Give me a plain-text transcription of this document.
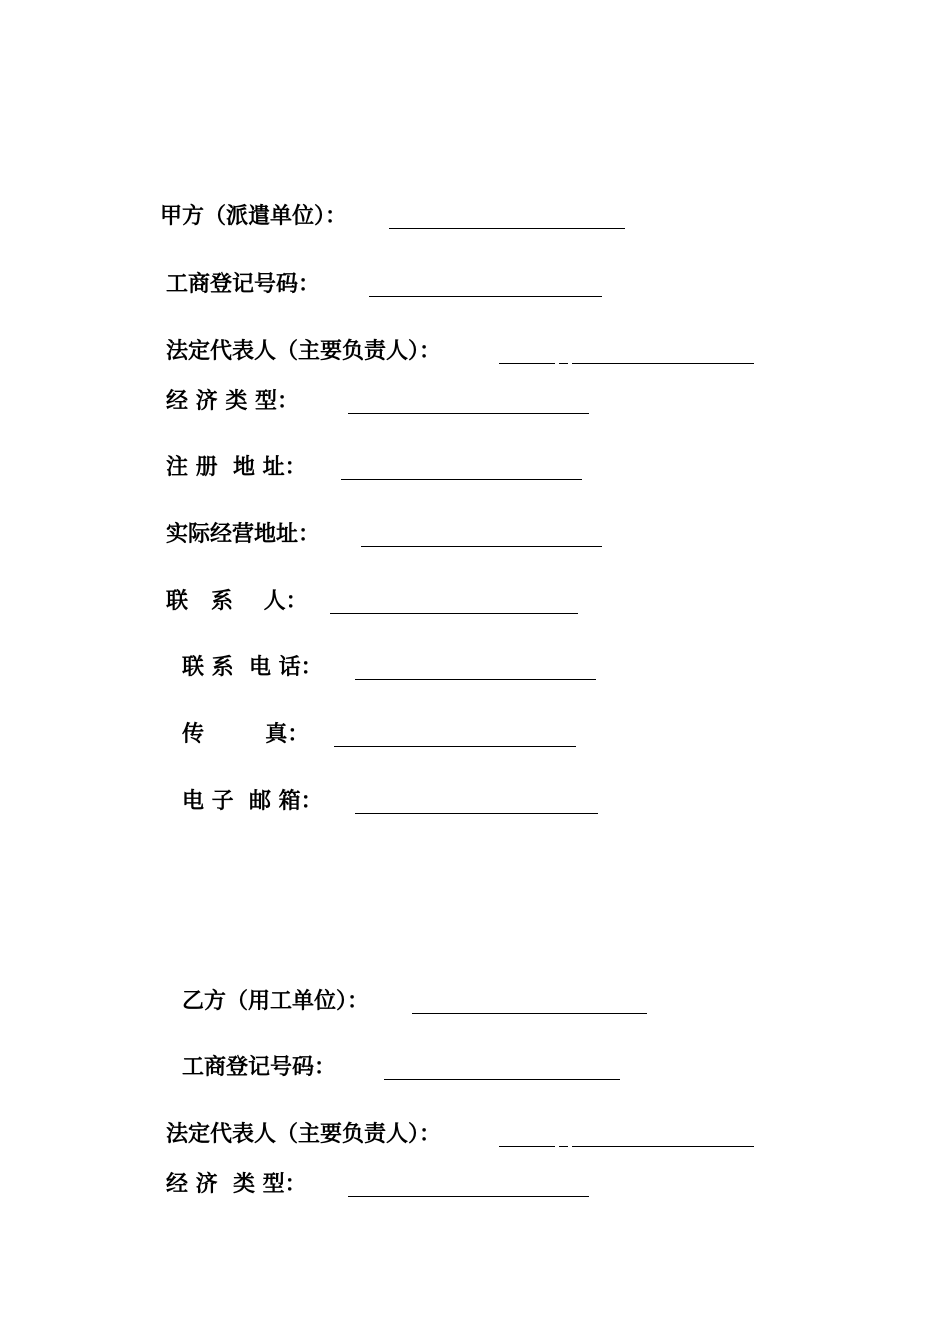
甲方（派遣单位）：
工商登记号码：
法定代表人（主要负责人）：
经 济 类 型：
注 册  地 址：
实际经营地址：
联   系    人：
联 系  电 话：
传        真：
电 子  邮 箱：
乙方（用工单位）：
工商登记号码：
法定代表人（主要负责人）：
经 济  类 型：
